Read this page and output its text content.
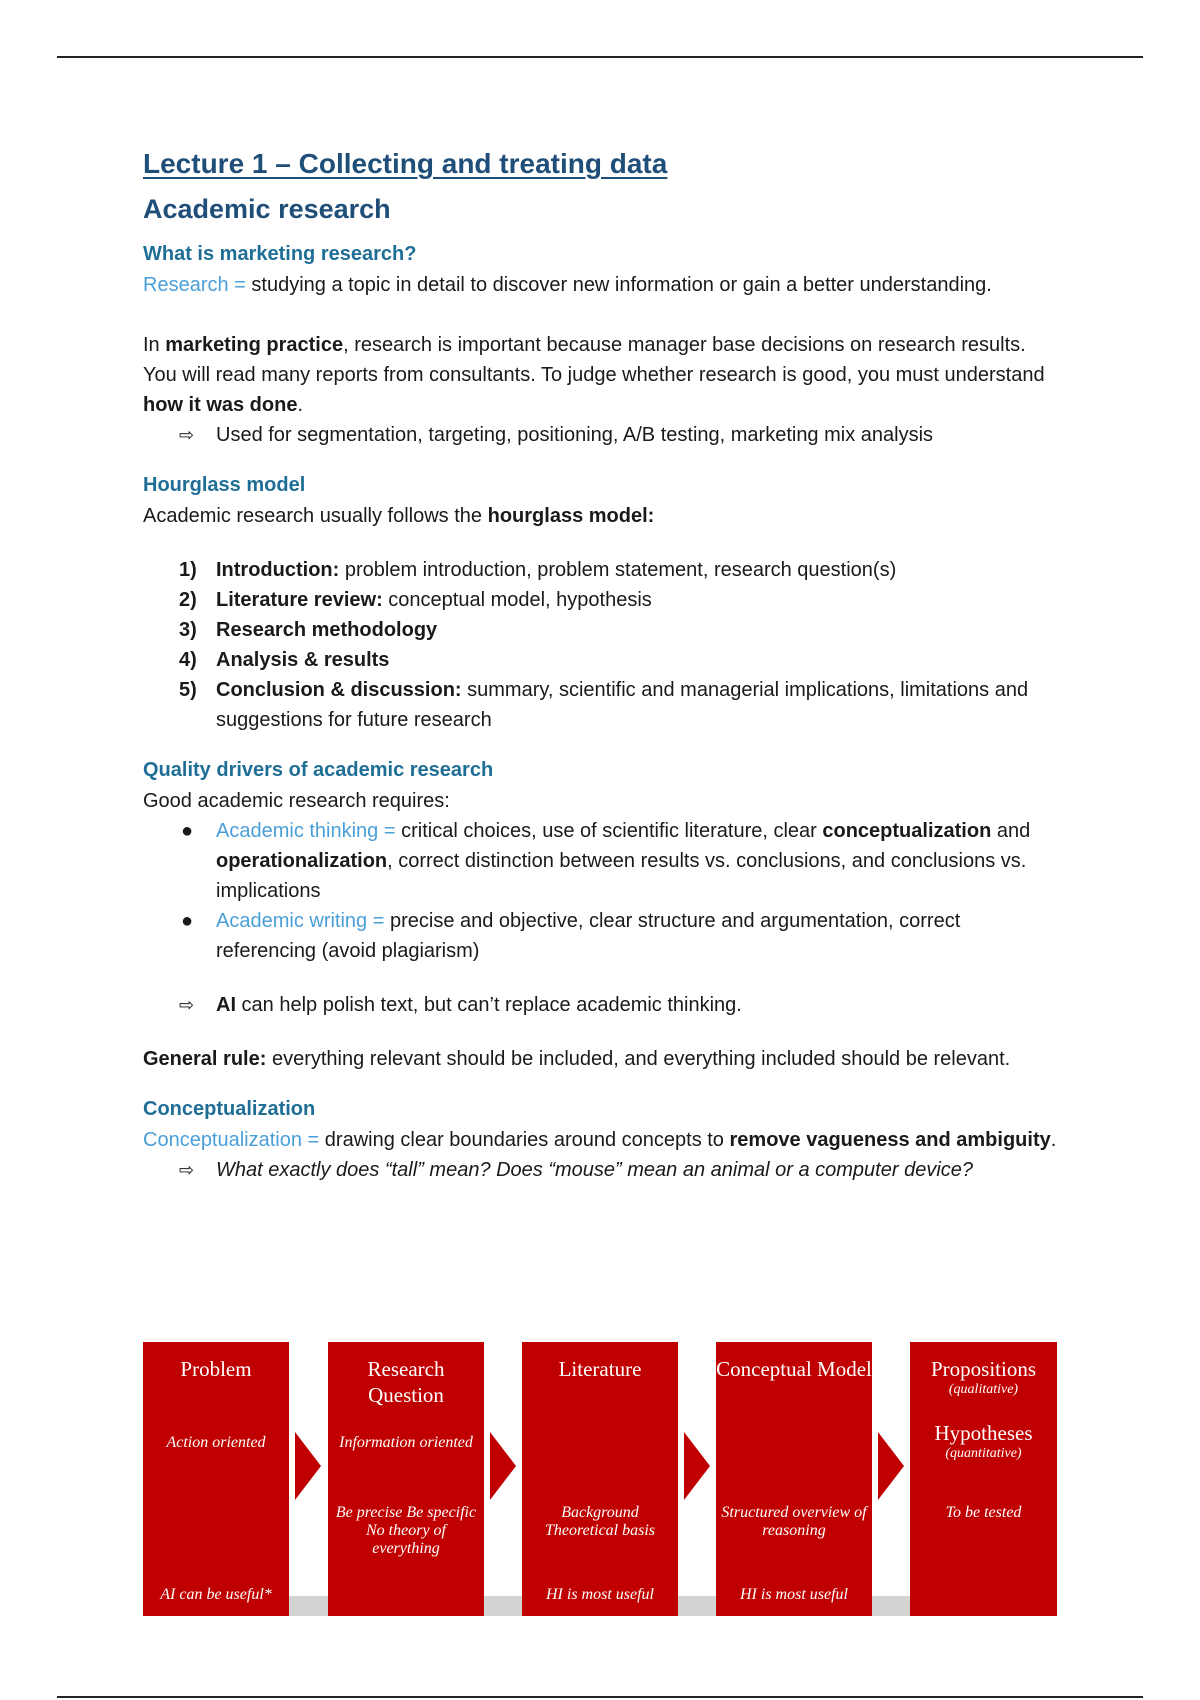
Lecture 1 – Collecting and treating data
Academic research
What is marketing research?

Research = studying a topic in detail to discover new information or gain a better understanding.

In marketing practice, research is important because manager base decisions on research results. You will read many reports from consultants. To judge whether research is good, you must understand how it was done.

⇨ Used for segmentation, targeting, positioning, A/B testing, marketing mix analysis
Hourglass model

Academic research usually follows the hourglass model:

1) Introduction: problem introduction, problem statement, research question(s)
2) Literature review: conceptual model, hypothesis
3) Research methodology
4) Analysis & results
5) Conclusion & discussion: summary, scientific and managerial implications, limitations and suggestions for future research
Quality drivers of academic research

Good academic research requires:

● Academic thinking = critical choices, use of scientific literature, clear conceptualization and operationalization, correct distinction between results vs. conclusions, and conclusions vs. implications
● Academic writing = precise and objective, clear structure and argumentation, correct referencing (avoid plagiarism)
⇨ AI can help polish text, but can’t replace academic thinking.

General rule: everything relevant should be included, and everything included should be relevant.

Conceptualization

Conceptualization = drawing clear boundaries around concepts to remove vagueness and ambiguity.

⇨ What exactly does “tall” mean? Does “mouse” mean an animal or a computer device?
Problem
Action oriented
AI can be useful*
Research Question
Information oriented
Be precise Be specific No theory of everything
Literature
Background Theoretical basis
HI is most useful
Conceptual Model
Structured overview of reasoning
HI is most useful
Propositions
(qualitative)
Hypotheses
(quantitative)
To be tested
